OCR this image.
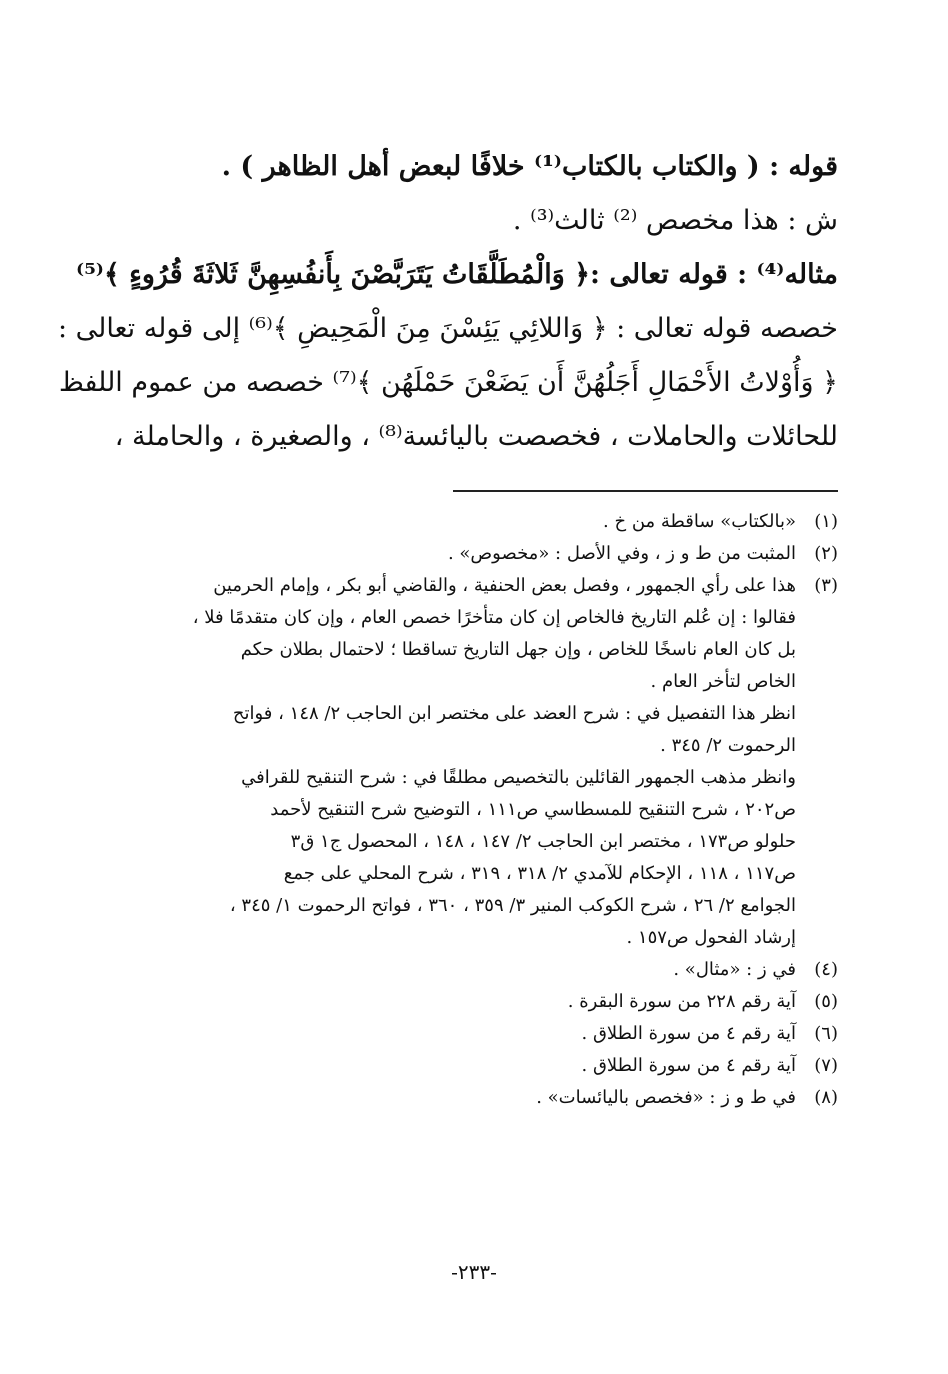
قوله : ( والكتاب بالكتاب⁽¹⁾ خلافًا لبعض أهل الظاهر ) .
ش : هذا مخصص ⁽²⁾ ثالث⁽³⁾ .
مثاله⁽⁴⁾ : قوله تعالى :﴿ وَالْمُطَلَّقَاتُ يَتَرَبَّصْنَ بِأَنفُسِهِنَّ ثَلاثَةَ قُرُوءٍ ﴾⁽⁵⁾
خصصه قوله تعالى : ﴿ وَاللائِي يَئِسْنَ مِنَ الْمَحِيضِ ﴾⁽⁶⁾ إلى قوله تعالى :
﴿ وَأُوْلاتُ الأَحْمَالِ أَجَلُهُنَّ أَن يَضَعْنَ حَمْلَهُن ﴾⁽⁷⁾ خصصه من عموم اللفظ
للحائلات والحاملات ، فخصصت باليائسة⁽⁸⁾ ، والصغيرة ، والحاملة ،
(١)
«بالكتاب» ساقطة من خ .
(٢)
المثبت من ط و ز ، وفي الأصل : «مخصوص» .
(٣)
هذا على رأي الجمهور ، وفصل بعض الحنفية ، والقاضي أبو بكر ، وإمام الحرمين
فقالوا : إن عُلم التاريخ فالخاص إن كان متأخرًا خصص العام ، وإن كان متقدمًا فلا ،
بل كان العام ناسخًا للخاص ، وإن جهل التاريخ تساقطا ؛ لاحتمال بطلان حكم
الخاص لتأخر العام .
انظر هذا التفصيل في : شرح العضد على مختصر ابن الحاجب ٢/ ١٤٨ ، فواتح
الرحموت ٢/ ٣٤٥ .
وانظر مذهب الجمهور القائلين بالتخصيص مطلقًا في : شرح التنقيح للقرافي
ص٢٠٢ ، شرح التنقيح للمسطاسي ص١١١ ، التوضيح شرح التنقيح لأحمد
حلولو ص١٧٣ ، مختصر ابن الحاجب ٢/ ١٤٧ ، ١٤٨ ، المحصول ج١ ق٣
ص١١٧ ، ١١٨ ، الإحكام للآمدي ٢/ ٣١٨ ، ٣١٩ ، شرح المحلي على جمع
الجوامع ٢/ ٢٦ ، شرح الكوكب المنير ٣/ ٣٥٩ ، ٣٦٠ ، فواتح الرحموت ١/ ٣٤٥ ،
إرشاد الفحول ص١٥٧ .
(٤)
في ز : «مثال» .
(٥)
آية رقم ٢٢٨ من سورة البقرة .
(٦)
آية رقم ٤ من سورة الطلاق .
(٧)
آية رقم ٤ من سورة الطلاق .
(٨)
في ط و ز : «فخصص باليائسات» .
-٢٣٣-
